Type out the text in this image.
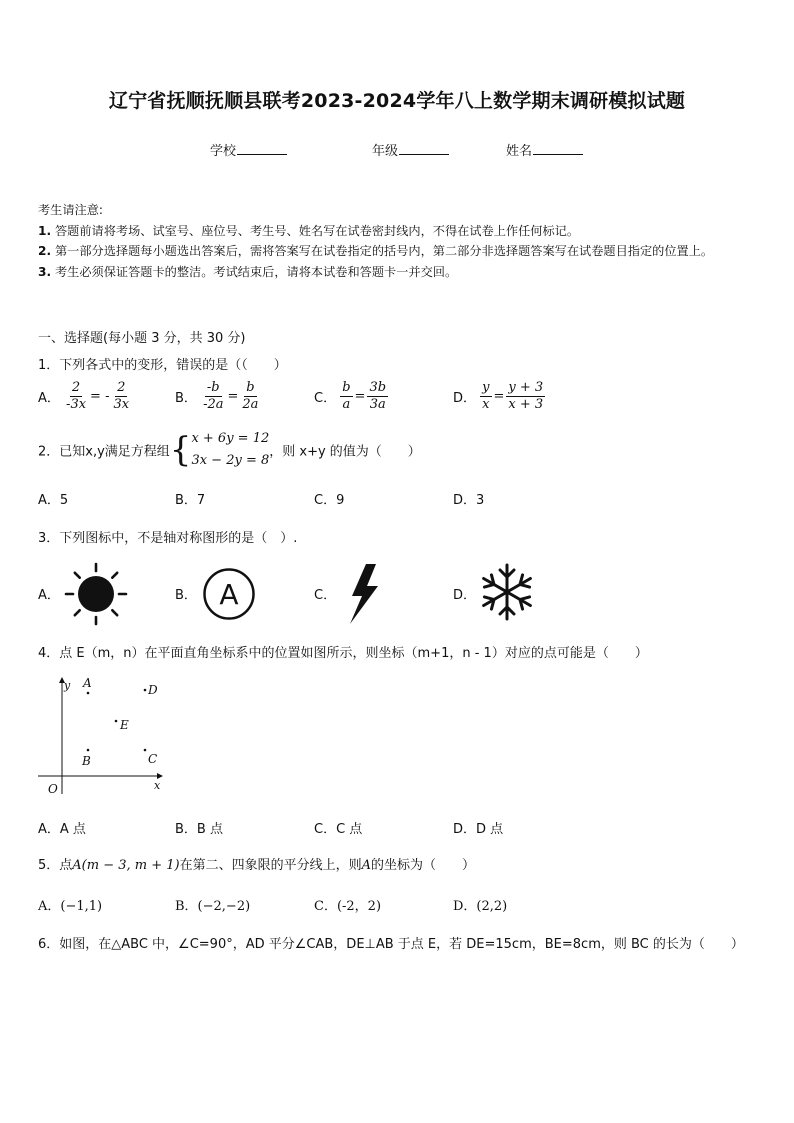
辽宁省抚顺抚顺县联考2023-2024学年八上数学期末调研模拟试题
学校	年级	姓名
考生请注意:
1. 答题前请将考场、试室号、座位号、考生号、姓名写在试卷密封线内，不得在试卷上作任何标记。
2. 第一部分选择题每小题选出答案后，需将答案写在试卷指定的括号内，第二部分非选择题答案写在试卷题目指定的位置上。
3. 考生必须保证答题卡的整洁。考试结束后，请将本试卷和答题卡一并交回。
一、选择题(每小题 3 分，共 30 分)
1．下列各式中的变形，错误的是（（　　）
A． $\frac{2}{-3x}$ = - $\frac{2}{3x}$	B． $\frac{-b}{-2a} = \frac{b}{2a}$	C． $\frac{b}{a} = \frac{3b}{3a}$	D． $\frac{y}{x} = \frac{y + 3}{x + 3}$
2．已知x,y满足方程组{ x + 6y = 12
3x − 2y = 8
，则 x+y 的值为（　　）
A．5	B．7	C．9	D．3
3．下列图标中，不是轴对称图形的是（　）.
A．	B． A	C．	D．
4．点 E（m，n）在平面直角坐标系中的位置如图所示，则坐标（m+1，n - 1）对应的点可能是（　　）
y
x
O
A	D
E
B	C
A．A 点	B．B 点	C．C 点	D．D 点
5．点A(m − 3, m + 1)在第二、四象限的平分线上，则A的坐标为（　　）
A．(−1,1)	B．(−2,−2)	C．(-2，2)	D．(2,2)
6．如图，在△ABC 中，∠C=90°，AD 平分∠CAB，DE⊥AB 于点 E，若 DE=15cm，BE=8cm，则 BC 的长为（　　）
